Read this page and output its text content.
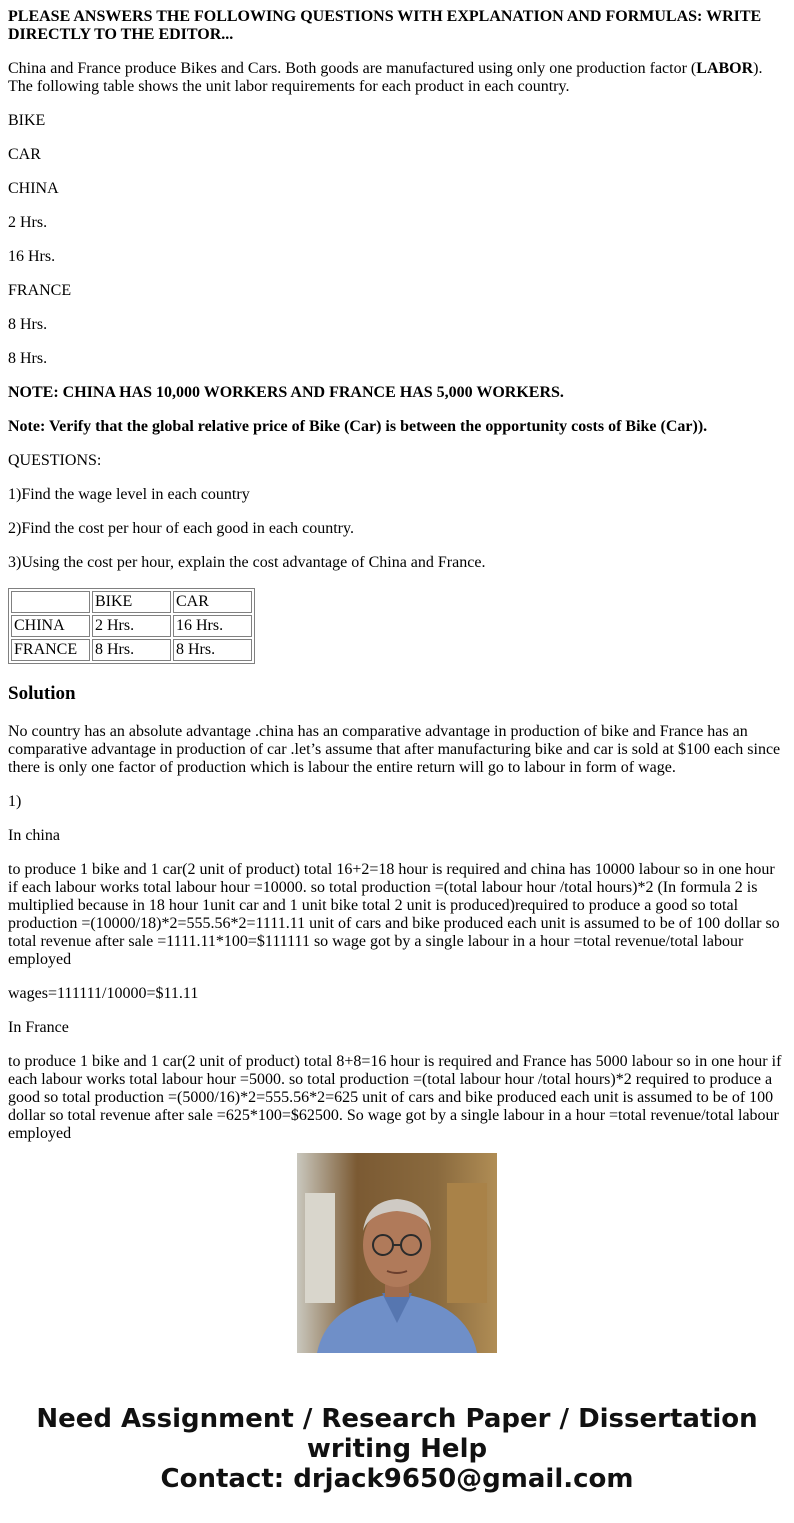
PLEASE ANSWERS THE FOLLOWING QUESTIONS WITH EXPLANATION AND FORMULAS: WRITE DIRECTLY TO THE EDITOR...

China and France produce Bikes and Cars. Both goods are manufactured using only one production factor (LABOR). The following table shows the unit labor requirements for each product in each country.

BIKE

CAR

CHINA

2 Hrs.

16 Hrs.

FRANCE

8 Hrs.

8 Hrs.

NOTE: CHINA HAS 10,000 WORKERS AND FRANCE HAS 5,000 WORKERS.

Note: Verify that the global relative price of Bike (Car) is between the opportunity costs of Bike (Car)).

QUESTIONS:

1)Find the wage level in each country

2)Find the cost per hour of each good in each country.

3)Using the cost per hour, explain the cost advantage of China and France.

	BIKE	CAR
CHINA	2 Hrs.	16 Hrs.
FRANCE	8 Hrs.	8 Hrs.
Solution

No country has an absolute advantage .china has an comparative advantage in production of bike and France has an comparative advantage in production of car .let’s assume that after manufacturing bike and car is sold at $100 each since there is only one factor of production which is labour the entire return will go to labour in form of wage.

1)

In china

to produce 1 bike and 1 car(2 unit of product) total 16+2=18 hour is required and china has 10000 labour so in one hour if each labour works total labour hour =10000. so total production =(total labour hour /total hours)*2 (In formula 2 is multiplied because in 18 hour 1unit car and 1 unit bike total 2 unit is produced)required to produce a good so total production =(10000/18)*2=555.56*2=1111.11 unit of cars and bike produced each unit is assumed to be of 100 dollar so total revenue after sale =1111.11*100=$111111 so wage got by a single labour in a hour =total revenue/total labour employed

wages=111111/10000=$11.11

In France

to produce 1 bike and 1 car(2 unit of product) total 8+8=16 hour is required and France has 5000 labour so in one hour if each labour works total labour hour =5000. so total production =(total labour hour /total hours)*2 required to produce a good so total production =(5000/16)*2=555.56*2=625 unit of cars and bike produced each unit is assumed to be of 100 dollar so total revenue after sale =625*100=$62500. So wage got by a single labour in a hour =total revenue/total labour employed

Need Assignment / Research Paper / Dissertation
writing Help
Contact: drjack9650@gmail.com
